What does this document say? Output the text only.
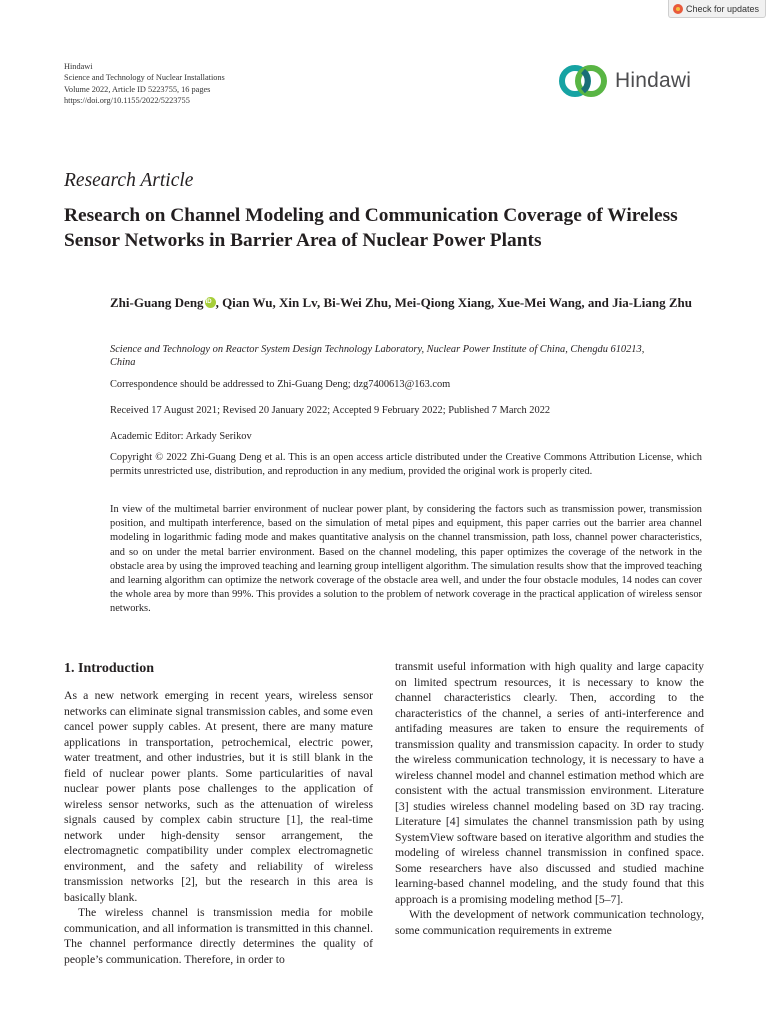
Check for updates
Hindawi
Science and Technology of Nuclear Installations
Volume 2022, Article ID 5223755, 16 pages
https://doi.org/10.1155/2022/5223755
Hindawi
Research Article
Research on Channel Modeling and Communication Coverage of Wireless Sensor Networks in Barrier Area of Nuclear Power Plants
Zhi-Guang DengiD , Qian Wu, Xin Lv, Bi-Wei Zhu, Mei-Qiong Xiang, Xue-Mei Wang, and Jia-Liang Zhu
Science and Technology on Reactor System Design Technology Laboratory, Nuclear Power Institute of China, Chengdu 610213, China
Correspondence should be addressed to Zhi-Guang Deng; dzg7400613@163.com
Received 17 August 2021; Revised 20 January 2022; Accepted 9 February 2022; Published 7 March 2022
Academic Editor: Arkady Serikov
Copyright © 2022 Zhi-Guang Deng et al. This is an open access article distributed under the Creative Commons Attribution License, which permits unrestricted use, distribution, and reproduction in any medium, provided the original work is properly cited.
In view of the multimetal barrier environment of nuclear power plant, by considering the factors such as transmission power, transmission position, and multipath interference, based on the simulation of metal pipes and equipment, this paper carries out the barrier area channel modeling in logarithmic fading mode and makes quantitative analysis on the channel transmission, path loss, channel power characteristics, and so on under the metal barrier environment. Based on the channel modeling, this paper optimizes the coverage of the network in the obstacle area by using the improved teaching and learning group intelligent algorithm. The simulation results show that the improved teaching and learning algorithm can optimize the network coverage of the obstacle area well, and under the four obstacle modules, 14 nodes can cover the whole area by more than 99%. This provides a solution to the problem of network coverage in the practical application of wireless sensor networks.
1. Introduction

As a new network emerging in recent years, wireless sensor networks can eliminate signal transmission cables, and some even cancel power supply cables. At present, there are many mature applications in transportation, petrochemical, electric power, water treatment, and other industries, but it is still blank in the field of nuclear power plants. Some particularities of naval nuclear power plants pose challenges to the application of wireless sensor networks, such as the attenuation of wireless signals caused by complex cabin structure [1], the real-time network under high-density sensor arrangement, the electromagnetic compatibility under complex electromagnetic environment, and the safety and reliability of wireless transmission networks [2], but the research in this area is basically blank.

The wireless channel is transmission media for mobile communication, and all information is transmitted in this channel. The channel performance directly determines the quality of people’s communication. Therefore, in order to

transmit useful information with high quality and large capacity on limited spectrum resources, it is necessary to know the channel characteristics clearly. Then, according to the characteristics of the channel, a series of anti-interference and antifading measures are taken to ensure the requirements of transmission quality and transmission capacity. In order to study the wireless communication technology, it is necessary to have a wireless channel model and channel estimation method which are consistent with the actual transmission environment. Literature [3] studies wireless channel modeling based on 3D ray tracing. Literature [4] simulates the channel transmission path by using SystemView software based on iterative algorithm and studies the modeling of wireless channel transmission in confined space. Some researchers have also discussed and studied machine learning-based channel modeling, and the study found that this approach is a promising modeling method [5–7].

With the development of network communication technology, some communication requirements in extreme
